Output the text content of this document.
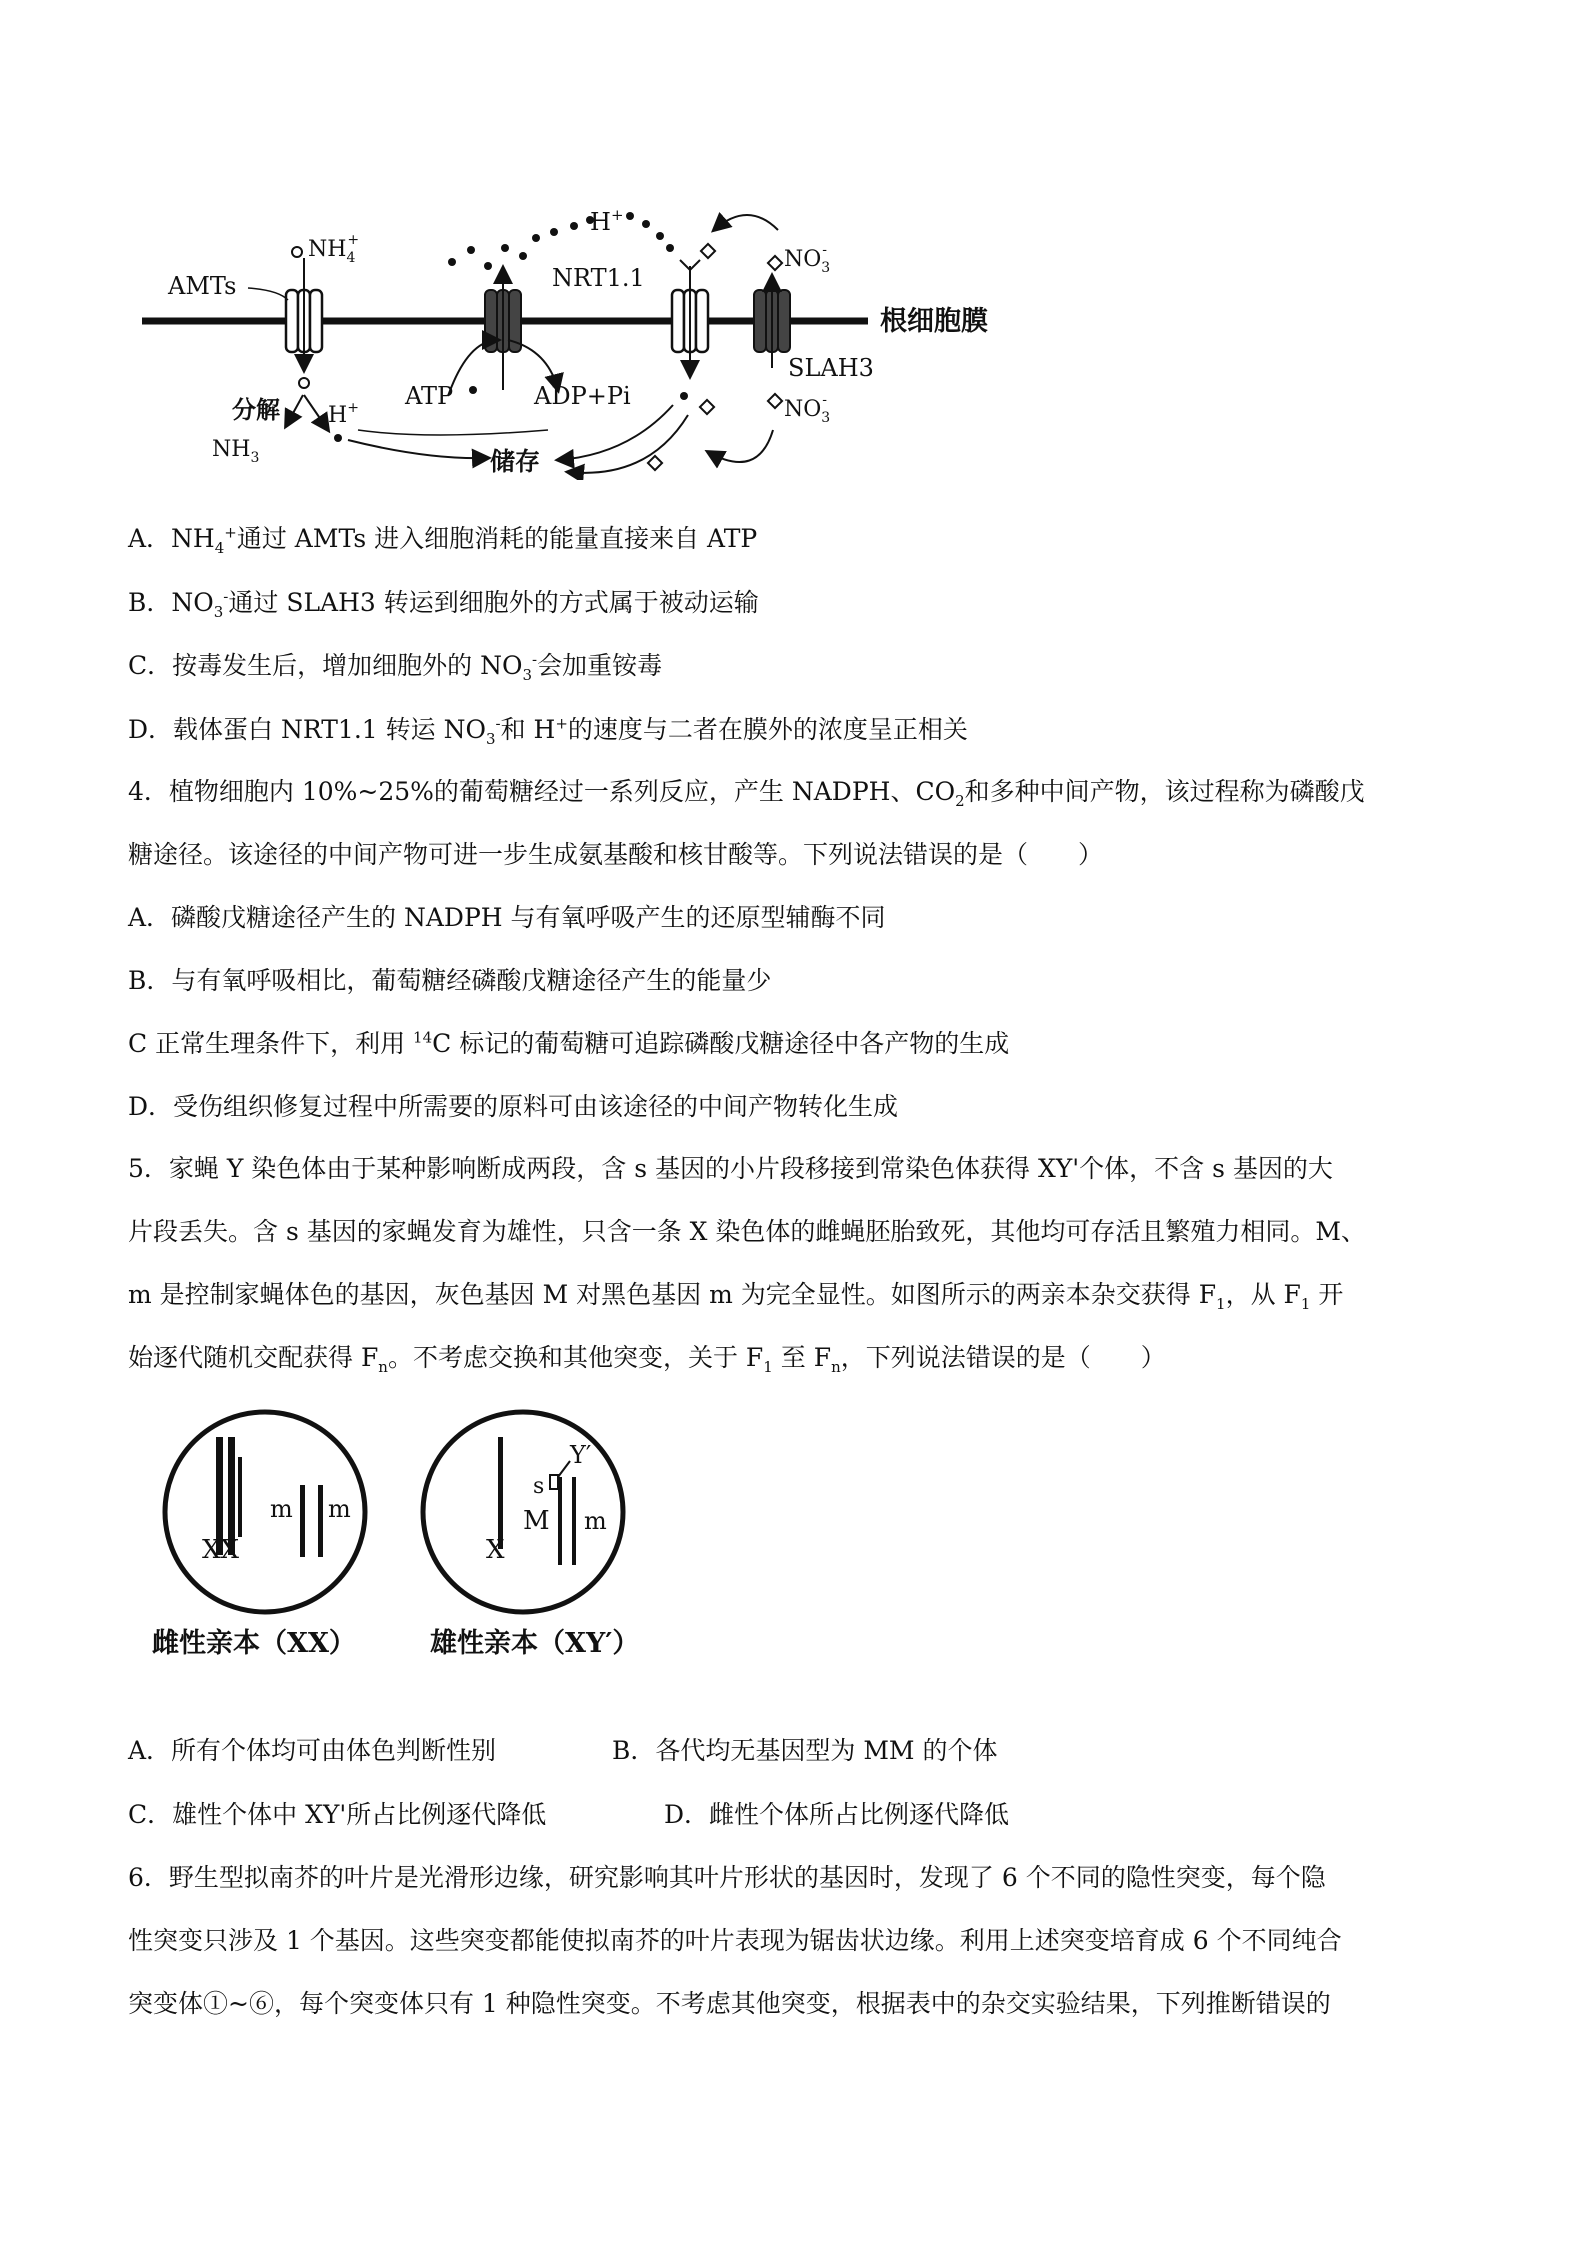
AMTs
$NH_4+$
H+
NRT1.1
$NO_3-$
根细胞膜
SLAH3
$NO_3-$
分解
$NH_3$
H+ ATP	ADP+Pi
储存
A．$NH_4^+$通过 AMTs 进入细胞消耗的能量直接来自 ATP
B．$NO_3^-$通过 SLAH3 转运到细胞外的方式属于被动运输
C．按毒发生后，增加细胞外的 $NO_3^-$会加重铵毒
D．载体蛋白 NRT1.1 转运 $NO_3^-$和 H+的速度与二者在膜外的浓度呈正相关
4．植物细胞内 10%~25%的葡萄糖经过一系列反应，产生 NADPH、$CO_2$和多种中间产物，该过程称为磷酸戊
糖途径。该途径的中间产物可进一步生成氨基酸和核甘酸等。下列说法错误的是（　　）
A．磷酸戊糖途径产生的 NADPH 与有氧呼吸产生的还原型辅酶不同
B．与有氧呼吸相比，葡萄糖经磷酸戊糖途径产生的能量少
C 正常生理条件下，利用 $^{14}$C 标记的葡萄糖可追踪磷酸戊糖途径中各产物的生成
D．受伤组织修复过程中所需要的原料可由该途径的中间产物转化生成
5．家蝇 Y 染色体由于某种影响断成两段，含 s 基因的小片段移接到常染色体获得 XY'个体，不含 s 基因的大
片段丢失。含 s 基因的家蝇发育为雄性，只含一条 X 染色体的雌蝇胚胎致死，其他均可存活且繁殖力相同。M、
m 是控制家蝇体色的基因，灰色基因 M 对黑色基因 m 为完全显性。如图所示的两亲本杂交获得 $F_1$，从 $F_1$ 开
始逐代随机交配获得 $F_n$。不考虑交换和其他突变，关于 $F_1$ 至 $F_n$，下列说法错误的是（　　）
XX
m m
X
s
Y′
M m
雌性亲本（XX）	雄性亲本（XY′）
A．所有个体均可由体色判断性别	B．各代均无基因型为 MM 的个体
C．雄性个体中 XY'所占比例逐代降低	D．雌性个体所占比例逐代降低
6．野生型拟南芥的叶片是光滑形边缘，研究影响其叶片形状的基因时，发现了 6 个不同的隐性突变，每个隐
性突变只涉及 1 个基因。这些突变都能使拟南芥的叶片表现为锯齿状边缘。利用上述突变培育成 6 个不同纯合
突变体①~⑥，每个突变体只有 1 种隐性突变。不考虑其他突变，根据表中的杂交实验结果，下列推断错误的
